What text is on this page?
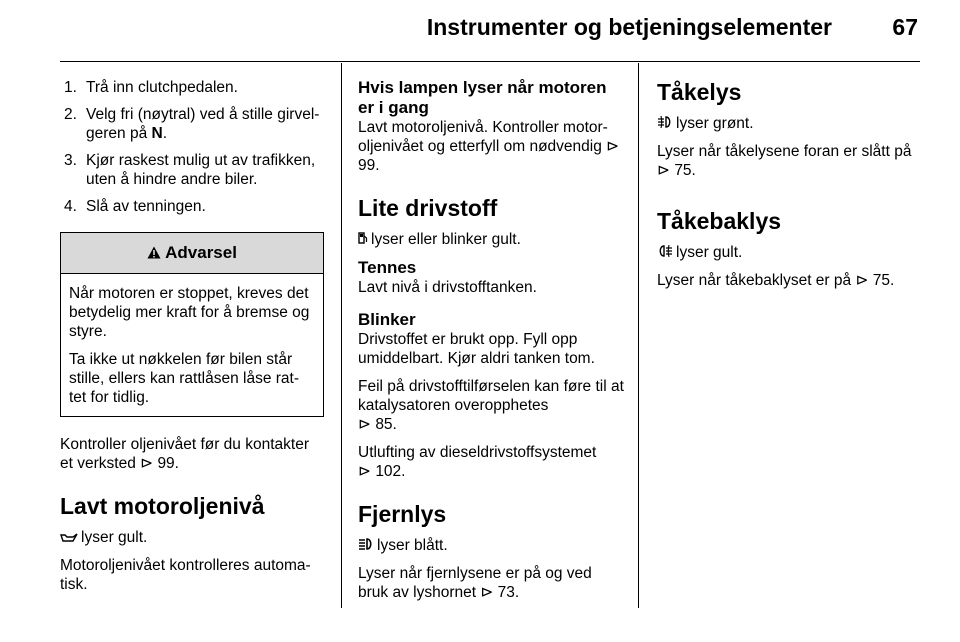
Instrumenter og betjeningselementer	67
1. Trå inn clutchpedalen.
2. Velg fri (nøytral) ved å stille girvel-geren på N.
3. Kjør raskest mulig ut av trafikken, uten å hindre andre biler.
4. Slå av tenningen.
Advarsel

Når motoren er stoppet, kreves det betydelig mer kraft for å bremse og styre.

Ta ikke ut nøkkelen før bilen står stille, ellers kan rattlåsen låse rat-tet for tidlig.

Kontroller oljenivået før du kontakter et verksted ⊳ 99.

Lavt motoroljenivå

lyser gult.

Motoroljenivået kontrolleres automa-tisk.

Hvis lampen lyser når motoren er i gang

Lavt motoroljenivå. Kontroller motor-oljenivået og etterfyll om nødvendig ⊳ 99.

Lite drivstoff

lyser eller blinker gult.

Tennes

Lavt nivå i drivstofftanken.

Blinker

Drivstoffet er brukt opp. Fyll opp umiddelbart. Kjør aldri tanken tom.

Feil på drivstofftilførselen kan føre til at katalysatoren overopphetes
⊳ 85.

Utlufting av dieseldrivstoffsystemet
⊳ 102.

Fjernlys

lyser blått.

Lyser når fjernlysene er på og ved bruk av lyshornet ⊳ 73.

Tåkelys

lyser grønt.

Lyser når tåkelysene foran er slått på
⊳ 75.

Tåkebaklys

lyser gult.

Lyser når tåkebaklyset er på ⊳ 75.
